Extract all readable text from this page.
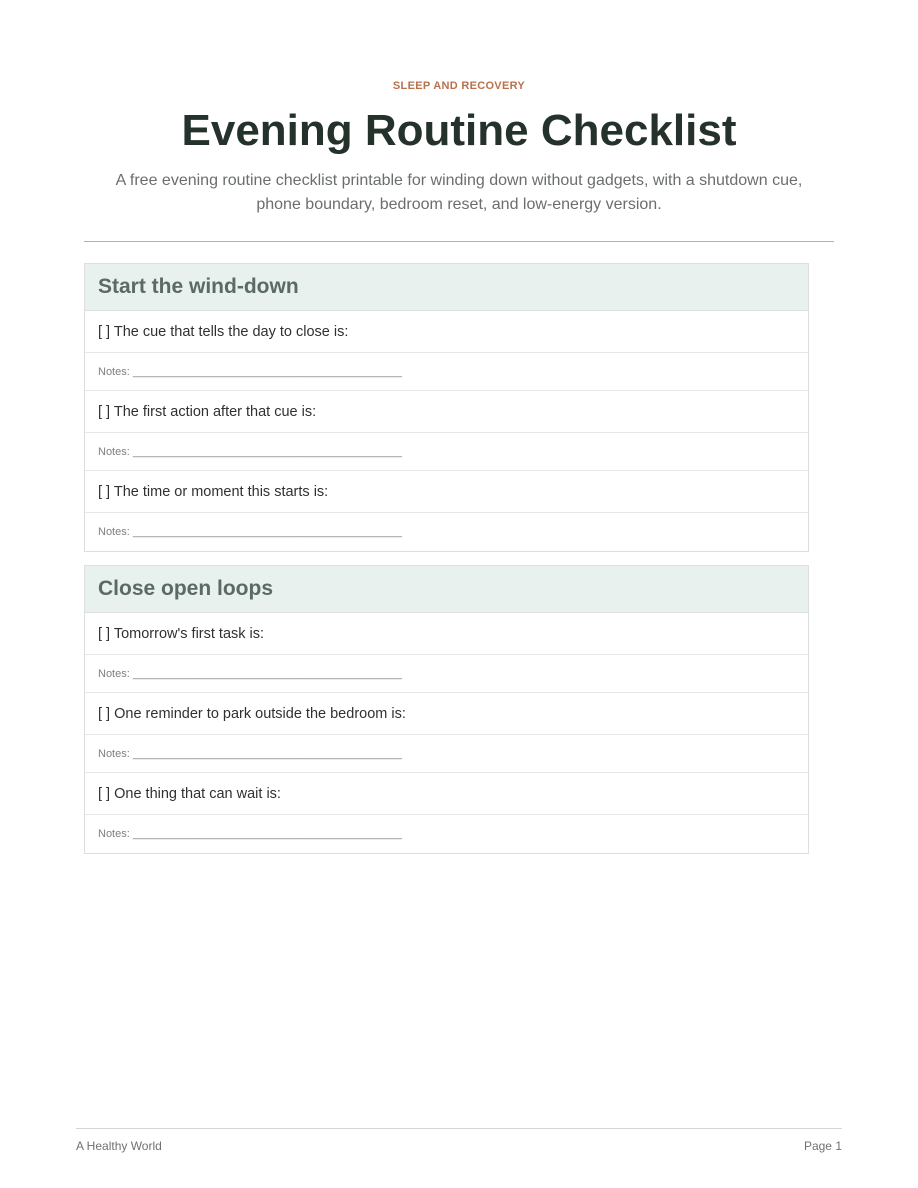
SLEEP AND RECOVERY
Evening Routine Checklist
A free evening routine checklist printable for winding down without gadgets, with a shutdown cue, phone boundary, bedroom reset, and low-energy version.
Start the wind-down
[ ] The cue that tells the day to close is:
Notes: ____________________________________________
[ ] The first action after that cue is:
Notes: ____________________________________________
[ ] The time or moment this starts is:
Notes: ____________________________________________
Close open loops
[ ] Tomorrow's first task is:
Notes: ____________________________________________
[ ] One reminder to park outside the bedroom is:
Notes: ____________________________________________
[ ] One thing that can wait is:
Notes: ____________________________________________
A Healthy World	Page 1
